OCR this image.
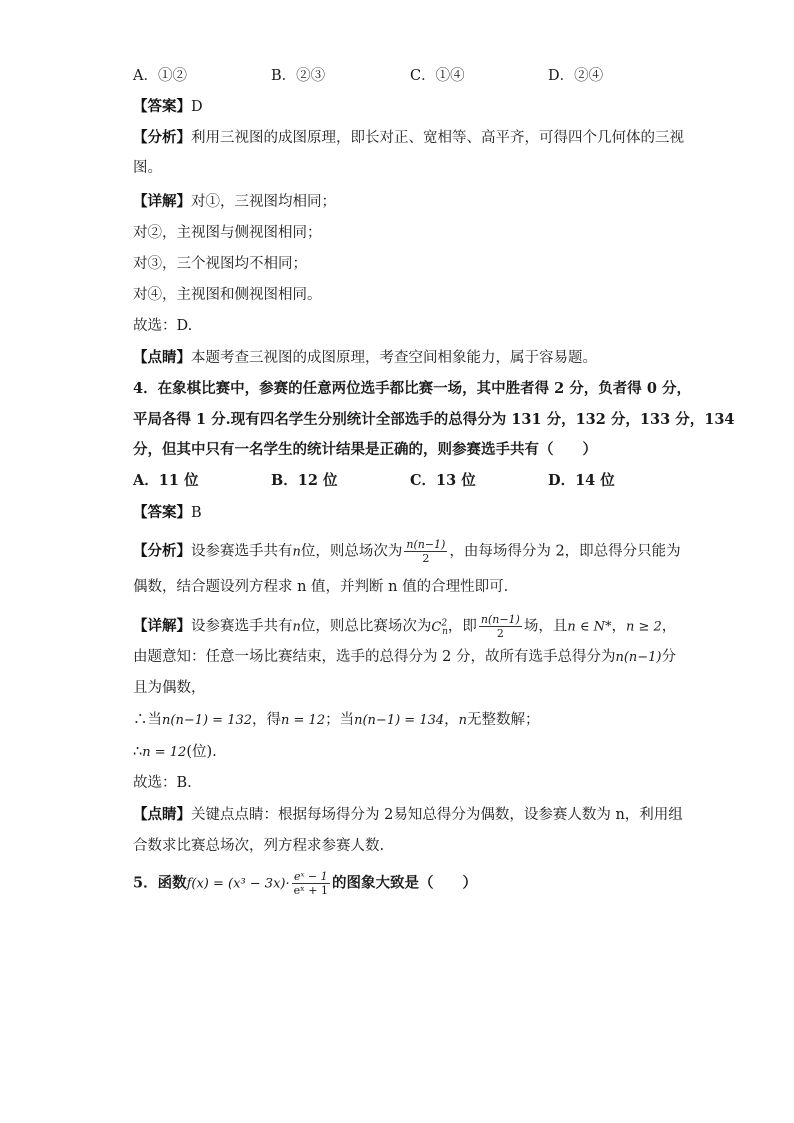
A．①②	B．②③	C．①④	D．②④
【答案】D
【分析】利用三视图的成图原理，即长对正、宽相等、高平齐，可得四个几何体的三视
图。
【详解】对①，三视图均相同；
对②，主视图与侧视图相同；
对③，三个视图均不相同；
对④，主视图和侧视图相同。
故选：D.
【点睛】本题考查三视图的成图原理，考查空间相象能力，属于容易题。
4．在象棋比赛中，参赛的任意两位选手都比赛一场，其中胜者得 2 分，负者得 0 分，
平局各得 1 分.现有四名学生分别统计全部选手的总得分为 131 分，132 分，133 分，134
分，但其中只有一名学生的统计结果是正确的，则参赛选手共有（　　）
A．11 位	B．12 位	C．13 位	D．14 位
【答案】B
【分析】设参赛选手共有n位，则总场次为 $\frac{n(n-1)}{2}$ ，由每场得分为 2，即总得分只能为
偶数，结合题设列方程求 n 值，并判断 n 值的合理性即可.
【详解】设参赛选手共有n位，则总比赛场次为$C^2_n$，即 $\frac{n(n-1)}{2}$ 场，且n ∈ N*，n ≥ 2，
由题意知：任意一场比赛结束，选手的总得分为 2 分，故所有选手总得分为n(n−1)分
且为偶数，
∴当n(n−1) = 132，得n = 12；当n(n−1) = 134，n无整数解；
∴n = 12(位).
故选：B.
【点睛】关键点点睛：根据每场得分为 2易知总得分为偶数，设参赛人数为 n，利用组
合数求比赛总场次，列方程求参赛人数.
5．函数$f(x) = (x^3 - 3x)\cdot \frac{\text{eˣ − 1}}{\text{eˣ + 1}}$ 的图象大致是（　　）
